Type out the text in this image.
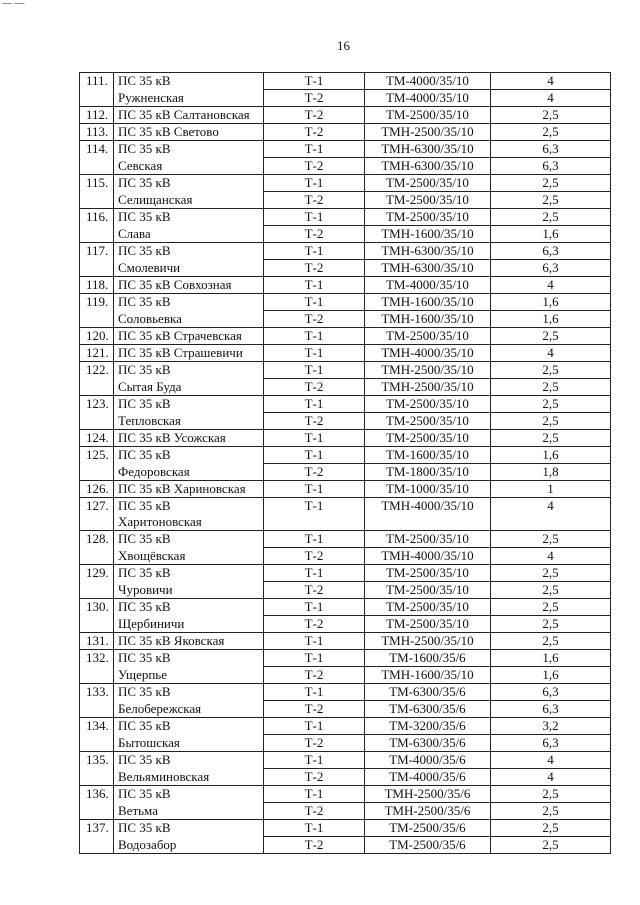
— —
16
111.	ПС 35 кВ	Т-1	ТМ-4000/35/10	4
	Ружненская	Т-2	ТМ-4000/35/10	4
112.	ПС 35 кВ Салтановская	Т-2	ТМ-2500/35/10	2,5
113.	ПС 35 кВ Светово	Т-2	ТМН-2500/35/10	2,5
114.	ПС 35 кВ	Т-1	ТМН-6300/35/10	6,3
	Севская	Т-2	ТМН-6300/35/10	6,3
115.	ПС 35 кВ	Т-1	ТМ-2500/35/10	2,5
	Селищанская	Т-2	ТМ-2500/35/10	2,5
116.	ПС 35 кВ	Т-1	ТМ-2500/35/10	2,5
	Слава	Т-2	ТМН-1600/35/10	1,6
117.	ПС 35 кВ	Т-1	ТМН-6300/35/10	6,3
	Смолевичи	Т-2	ТМН-6300/35/10	6,3
118.	ПС 35 кВ Совхозная	Т-1	ТМ-4000/35/10	4
119.	ПС 35 кВ	Т-1	ТМН-1600/35/10	1,6
	Соловьевка	Т-2	ТМН-1600/35/10	1,6
120.	ПС 35 кВ Страчевская	Т-1	ТМ-2500/35/10	2,5
121.	ПС 35 кВ Страшевичи	Т-1	ТМН-4000/35/10	4
122.	ПС 35 кВ	Т-1	ТМН-2500/35/10	2,5
	Сытая Буда	Т-2	ТМН-2500/35/10	2,5
123.	ПС 35 кВ	Т-1	ТМ-2500/35/10	2,5
	Тепловская	Т-2	ТМ-2500/35/10	2,5
124.	ПС 35 кВ Усожская	Т-1	ТМ-2500/35/10	2,5
125.	ПС 35 кВ	Т-1	ТМ-1600/35/10	1,6
	Федоровская	Т-2	ТМ-1800/35/10	1,8
126.	ПС 35 кВ Хариновская	Т-1	ТМ-1000/35/10	1
127.	ПС 35 кВ	Т-1	ТМН-4000/35/10	4
	Харитоновская			
128.	ПС 35 кВ	Т-1	ТМ-2500/35/10	2,5
	Хвощёвская	Т-2	ТМН-4000/35/10	4
129.	ПС 35 кВ	Т-1	ТМ-2500/35/10	2,5
	Чуровичи	Т-2	ТМ-2500/35/10	2,5
130.	ПС 35 кВ	Т-1	ТМ-2500/35/10	2,5
	Щербиничи	Т-2	ТМ-2500/35/10	2,5
131.	ПС 35 кВ Яковская	Т-1	ТМН-2500/35/10	2,5
132.	ПС 35 кВ	Т-1	ТМ-1600/35/6	1,6
	Ущерпье	Т-2	ТМН-1600/35/10	1,6
133.	ПС 35 кВ	Т-1	ТМ-6300/35/6	6,3
	Белобережская	Т-2	ТМ-6300/35/6	6,3
134.	ПС 35 кВ	Т-1	ТМ-3200/35/6	3,2
	Бытошская	Т-2	ТМ-6300/35/6	6,3
135.	ПС 35 кВ	Т-1	ТМ-4000/35/6	4
	Вельяминовская	Т-2	ТМ-4000/35/6	4
136.	ПС 35 кВ	Т-1	ТМН-2500/35/6	2,5
	Ветьма	Т-2	ТМН-2500/35/6	2,5
137.	ПС 35 кВ	Т-1	ТМ-2500/35/6	2,5
	Водозабор	Т-2	ТМ-2500/35/6	2,5
